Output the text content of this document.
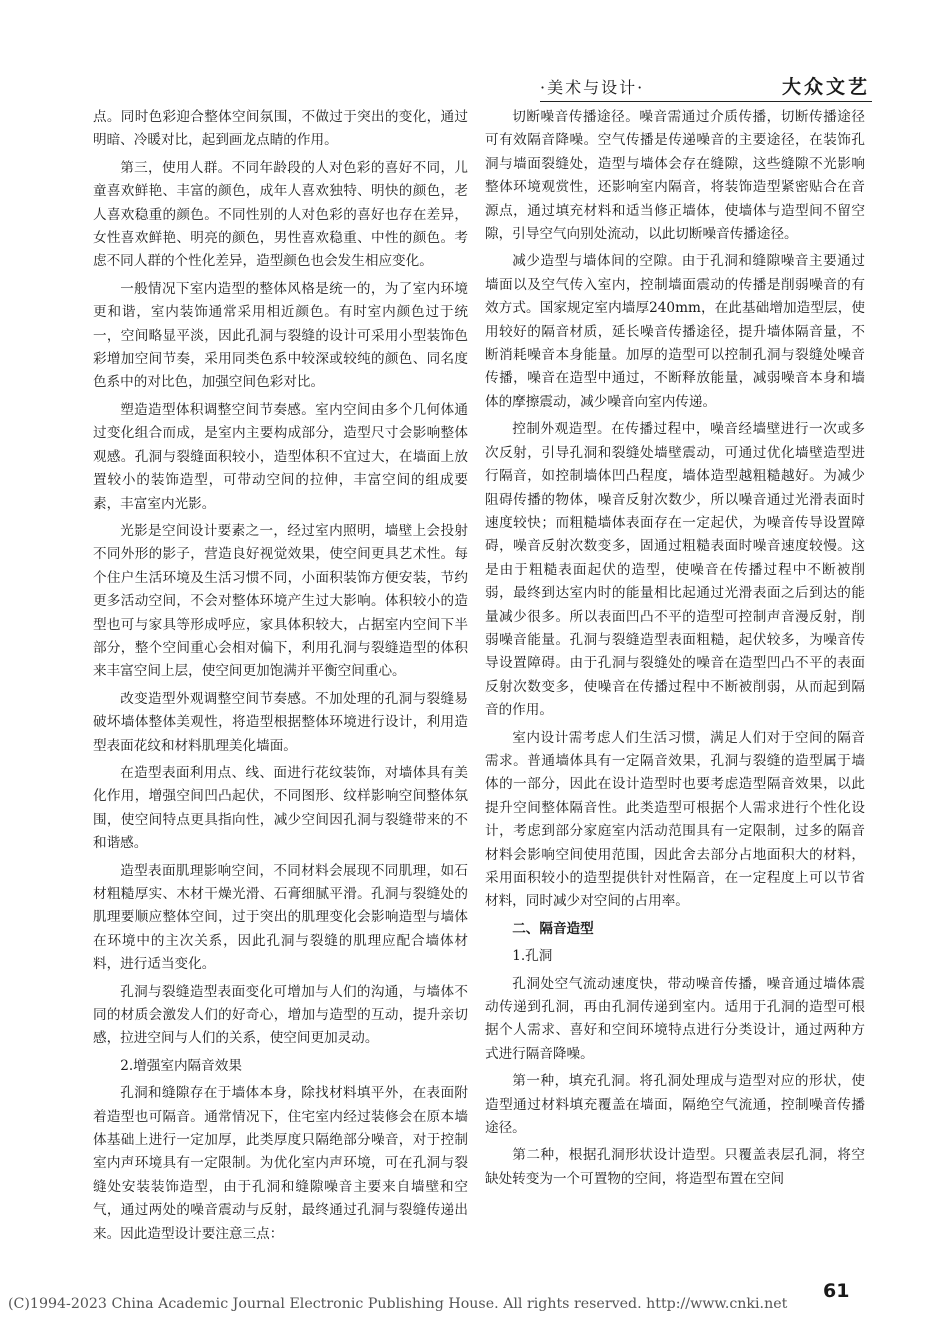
·美术与设计·	大众文艺

点。同时色彩迎合整体空间氛围，不做过于突出的变化，通过明暗、冷暖对比，起到画龙点睛的作用。

第三，使用人群。不同年龄段的人对色彩的喜好不同，儿童喜欢鲜艳、丰富的颜色，成年人喜欢独特、明快的颜色，老人喜欢稳重的颜色。不同性别的人对色彩的喜好也存在差异，女性喜欢鲜艳、明亮的颜色，男性喜欢稳重、中性的颜色。考虑不同人群的个性化差异，造型颜色也会发生相应变化。

一般情况下室内造型的整体风格是统一的，为了室内环境更和谐，室内装饰通常采用相近颜色。有时室内颜色过于统一，空间略显平淡，因此孔洞与裂缝的设计可采用小型装饰色彩增加空间节奏，采用同类色系中较深或较纯的颜色、同名度色系中的对比色，加强空间色彩对比。

塑造造型体积调整空间节奏感。室内空间由多个几何体通过变化组合而成，是室内主要构成部分，造型尺寸会影响整体观感。孔洞与裂缝面积较小，造型体积不宜过大，在墙面上放置较小的装饰造型，可带动空间的拉伸，丰富空间的组成要素，丰富室内光影。

光影是空间设计要素之一，经过室内照明，墙壁上会投射不同外形的影子，营造良好视觉效果，使空间更具艺术性。每个住户生活环境及生活习惯不同，小面积装饰方便安装，节约更多活动空间，不会对整体环境产生过大影响。体积较小的造型也可与家具等形成呼应，家具体积较大，占据室内空间下半部分，整个空间重心会相对偏下，利用孔洞与裂缝造型的体积来丰富空间上层，使空间更加饱满并平衡空间重心。

改变造型外观调整空间节奏感。不加处理的孔洞与裂缝易破坏墙体整体美观性，将造型根据整体环境进行设计，利用造型表面花纹和材料肌理美化墙面。

在造型表面利用点、线、面进行花纹装饰，对墙体具有美化作用，增强空间凹凸起伏，不同图形、纹样影响空间整体氛围，使空间特点更具指向性，减少空间因孔洞与裂缝带来的不和谐感。

造型表面肌理影响空间，不同材料会展现不同肌理，如石材粗糙厚实、木材干燥光滑、石膏细腻平滑。孔洞与裂缝处的肌理要顺应整体空间，过于突出的肌理变化会影响造型与墙体在环境中的主次关系，因此孔洞与裂缝的肌理应配合墙体材料，进行适当变化。

孔洞与裂缝造型表面变化可增加与人们的沟通，与墙体不同的材质会激发人们的好奇心，增加与造型的互动，提升亲切感，拉进空间与人们的关系，使空间更加灵动。

2.增强室内隔音效果

孔洞和缝隙存在于墙体本身，除找材料填平外，在表面附着造型也可隔音。通常情况下，住宅室内经过装修会在原本墙体基础上进行一定加厚，此类厚度只隔绝部分噪音，对于控制室内声环境具有一定限制。为优化室内声环境，可在孔洞与裂缝处安装装饰造型，由于孔洞和缝隙噪音主要来自墙壁和空气，通过两处的噪音震动与反射，最终通过孔洞与裂缝传递出来。因此造型设计要注意三点：

切断噪音传播途径。噪音需通过介质传播，切断传播途径可有效隔音降噪。空气传播是传递噪音的主要途径，在装饰孔洞与墙面裂缝处，造型与墙体会存在缝隙，这些缝隙不光影响整体环境观赏性，还影响室内隔音，将装饰造型紧密贴合在音源点，通过填充材料和适当修正墙体，使墙体与造型间不留空隙，引导空气向别处流动，以此切断噪音传播途径。

减少造型与墙体间的空隙。由于孔洞和缝隙噪音主要通过墙面以及空气传入室内，控制墙面震动的传播是削弱噪音的有效方式。国家规定室内墙厚240mm，在此基础增加造型层，使用较好的隔音材质，延长噪音传播途径，提升墙体隔音量，不断消耗噪音本身能量。加厚的造型可以控制孔洞与裂缝处噪音传播，噪音在造型中通过，不断释放能量，减弱噪音本身和墙体的摩擦震动，减少噪音向室内传递。

控制外观造型。在传播过程中，噪音经墙壁进行一次或多次反射，引导孔洞和裂缝处墙壁震动，可通过优化墙壁造型进行隔音，如控制墙体凹凸程度，墙体造型越粗糙越好。为减少阻碍传播的物体，噪音反射次数少，所以噪音通过光滑表面时速度较快；而粗糙墙体表面存在一定起伏，为噪音传导设置障碍，噪音反射次数变多，固通过粗糙表面时噪音速度较慢。这是由于粗糙表面起伏的造型，使噪音在传播过程中不断被削弱，最终到达室内时的能量相比起通过光滑表面之后到达的能量减少很多。所以表面凹凸不平的造型可控制声音漫反射，削弱噪音能量。孔洞与裂缝造型表面粗糙，起伏较多，为噪音传导设置障碍。由于孔洞与裂缝处的噪音在造型凹凸不平的表面反射次数变多，使噪音在传播过程中不断被削弱，从而起到隔音的作用。

室内设计需考虑人们生活习惯，满足人们对于空间的隔音需求。普通墙体具有一定隔音效果，孔洞与裂缝的造型属于墙体的一部分，因此在设计造型时也要考虑造型隔音效果，以此提升空间整体隔音性。此类造型可根据个人需求进行个性化设计，考虑到部分家庭室内活动范围具有一定限制，过多的隔音材料会影响空间使用范围，因此舍去部分占地面积大的材料，采用面积较小的造型提供针对性隔音，在一定程度上可以节省材料，同时减少对空间的占用率。

二、隔音造型

1.孔洞

孔洞处空气流动速度快，带动噪音传播，噪音通过墙体震动传递到孔洞，再由孔洞传递到室内。适用于孔洞的造型可根据个人需求、喜好和空间环境特点进行分类设计，通过两种方式进行隔音降噪。

第一种，填充孔洞。将孔洞处理成与造型对应的形状，使造型通过材料填充覆盖在墙面，隔绝空气流通，控制噪音传播途径。

第二种，根据孔洞形状设计造型。只覆盖表层孔洞，将空缺处转变为一个可置物的空间，将造型布置在空间

61
(C)1994-2023 China Academic Journal Electronic Publishing House. All rights reserved. http://www.cnki.net
